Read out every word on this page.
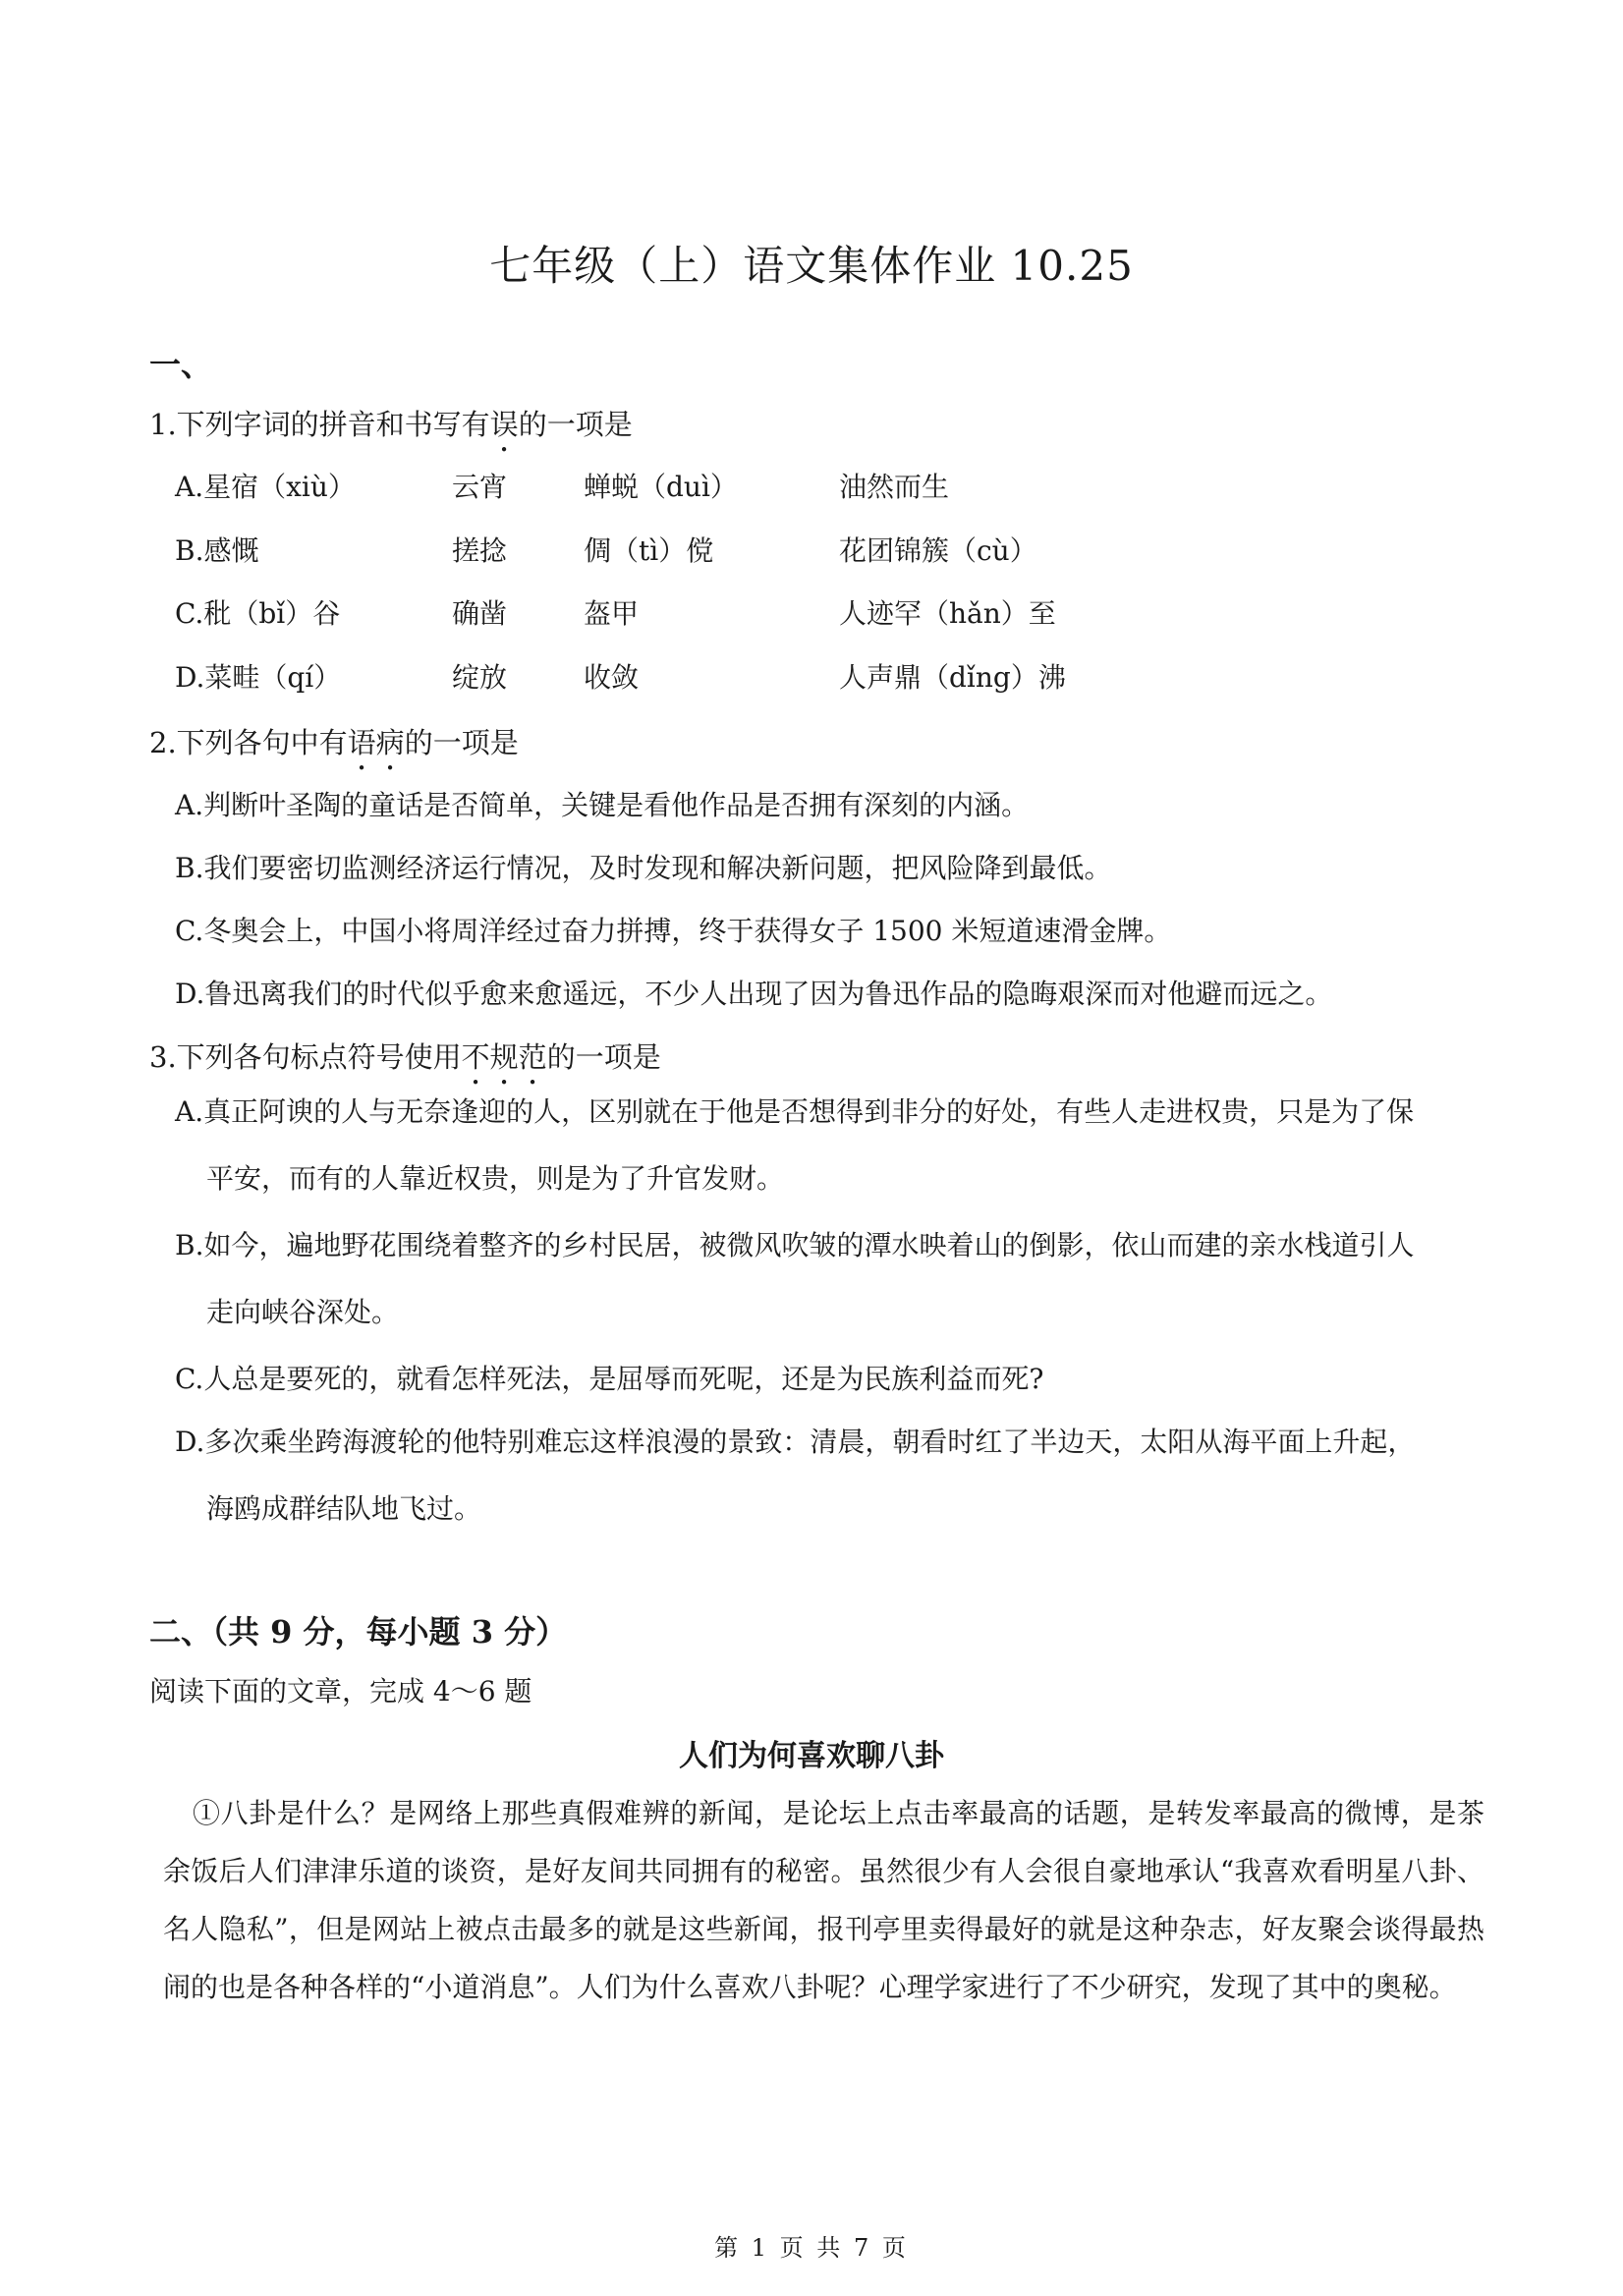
七年级（上）语文集体作业 10.25
一、
1.下列字词的拼音和书写有误的一项是
A.星宿（xiù）	云宵	蝉蜕（duì）	油然而生
B.感慨	搓捻	倜（tì）傥	花团锦簇（cù）
C.秕（bǐ）谷	确凿	盔甲	人迹罕（hǎn）至
D.菜畦（qí）	绽放	收敛	人声鼎（dǐng）沸
2.下列各句中有语病的一项是
A.判断叶圣陶的童话是否简单，关键是看他作品是否拥有深刻的内涵。
B.我们要密切监测经济运行情况，及时发现和解决新问题，把风险降到最低。
C.冬奥会上，中国小将周洋经过奋力拼搏，终于获得女子 1500 米短道速滑金牌。
D.鲁迅离我们的时代似乎愈来愈遥远，不少人出现了因为鲁迅作品的隐晦艰深而对他避而远之。
3.下列各句标点符号使用不规范的一项是
A.真正阿谀的人与无奈逢迎的人，区别就在于他是否想得到非分的好处，有些人走进权贵，只是为了保
平安，而有的人靠近权贵，则是为了升官发财。
B.如今，遍地野花围绕着整齐的乡村民居，被微风吹皱的潭水映着山的倒影，依山而建的亲水栈道引人
走向峡谷深处。
C.人总是要死的，就看怎样死法，是屈辱而死呢，还是为民族利益而死?
D.多次乘坐跨海渡轮的他特别难忘这样浪漫的景致：清晨，朝看时红了半边天，太阳从海平面上升起，
海鸥成群结队地飞过。
二、（共 9 分，每小题 3 分）
阅读下面的文章，完成 4～6 题
人们为何喜欢聊八卦
①八卦是什么？是网络上那些真假难辨的新闻，是论坛上点击率最高的话题，是转发率最高的微博，是茶余饭后人们津津乐道的谈资，是好友间共同拥有的秘密。虽然很少有人会很自豪地承认“我喜欢看明星八卦、名人隐私”，但是网站上被点击最多的就是这些新闻，报刊亭里卖得最好的就是这种杂志，好友聚会谈得最热闹的也是各种各样的“小道消息”。人们为什么喜欢八卦呢？心理学家进行了不少研究，发现了其中的奥秘。
第 1 页 共 7 页
